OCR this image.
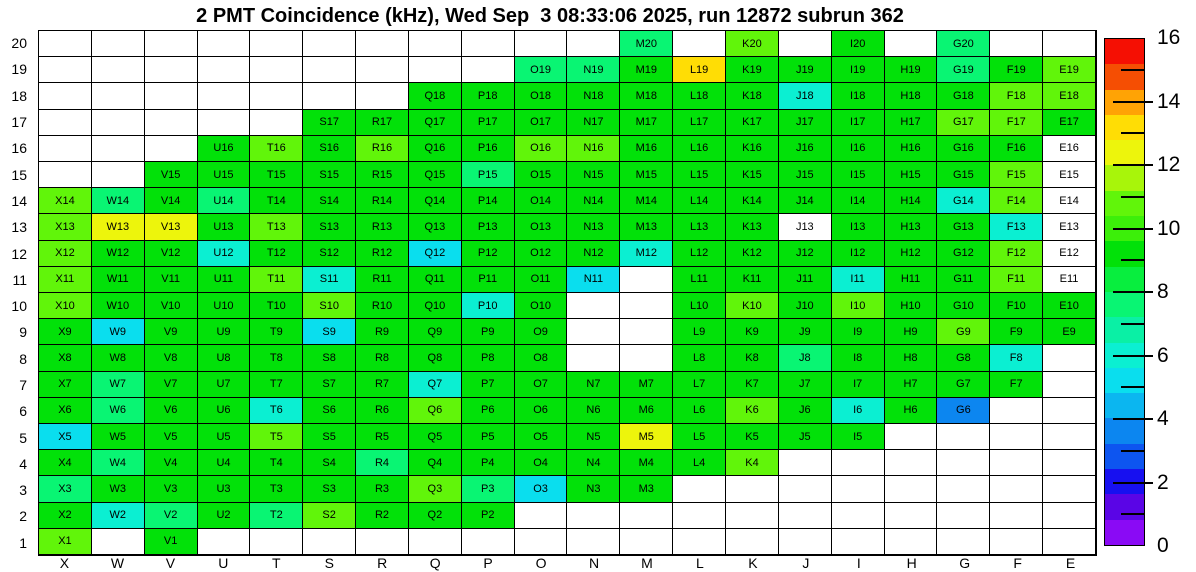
2 PMT Coincidence (kHz), Wed Sep  3 08:33:06 2025, run 12872 subrun 362
M20	K20	I20	G20
O19	N19	M19	L19	K19	J19	I19	H19	G19	F19	E19
Q18	P18	O18	N18	M18	L18	K18	J18	I18	H18	G18	F18	E18
S17	R17	Q17	P17	O17	N17	M17	L17	K17	J17	I17	H17	G17	F17	E17
U16	T16	S16	R16	Q16	P16	O16	N16	M16	L16	K16	J16	I16	H16	G16	F16	E16
V15	U15	T15	S15	R15	Q15	P15	O15	N15	M15	L15	K15	J15	I15	H15	G15	F15	E15
X14	W14	V14	U14	T14	S14	R14	Q14	P14	O14	N14	M14	L14	K14	J14	I14	H14	G14	F14	E14
X13	W13	V13	U13	T13	S13	R13	Q13	P13	O13	N13	M13	L13	K13	J13	I13	H13	G13	F13	E13
X12	W12	V12	U12	T12	S12	R12	Q12	P12	O12	N12	M12	L12	K12	J12	I12	H12	G12	F12	E12
X11	W11	V11	U11	T11	S11	R11	Q11	P11	O11	N11	L11	K11	J11	I11	H11	G11	F11	E11
X10	W10	V10	U10	T10	S10	R10	Q10	P10	O10	L10	K10	J10	I10	H10	G10	F10	E10
X9	W9	V9	U9	T9	S9	R9	Q9	P9	O9	L9	K9	J9	I9	H9	G9	F9	E9
X8	W8	V8	U8	T8	S8	R8	Q8	P8	O8	L8	K8	J8	I8	H8	G8	F8
X7	W7	V7	U7	T7	S7	R7	Q7	P7	O7	N7	M7	L7	K7	J7	I7	H7	G7	F7
X6	W6	V6	U6	T6	S6	R6	Q6	P6	O6	N6	M6	L6	K6	J6	I6	H6	G6
X5	W5	V5	U5	T5	S5	R5	Q5	P5	O5	N5	M5	L5	K5	J5	I5
X4	W4	V4	U4	T4	S4	R4	Q4	P4	O4	N4	M4	L4	K4
X3	W3	V3	U3	T3	S3	R3	Q3	P3	O3	N3	M3
X2	W2	V2	U2	T2	S2	R2	Q2	P2
X1	V1
20
19
18
17
16
15
14
13
12
11
10
9
8
7
6
5
4
3
2
1
X	W	V	U	T	S	R	Q	P	O	N	M	L	K	J	I	H	G	F	E
0
2
4
6
8
10
12
14
16
